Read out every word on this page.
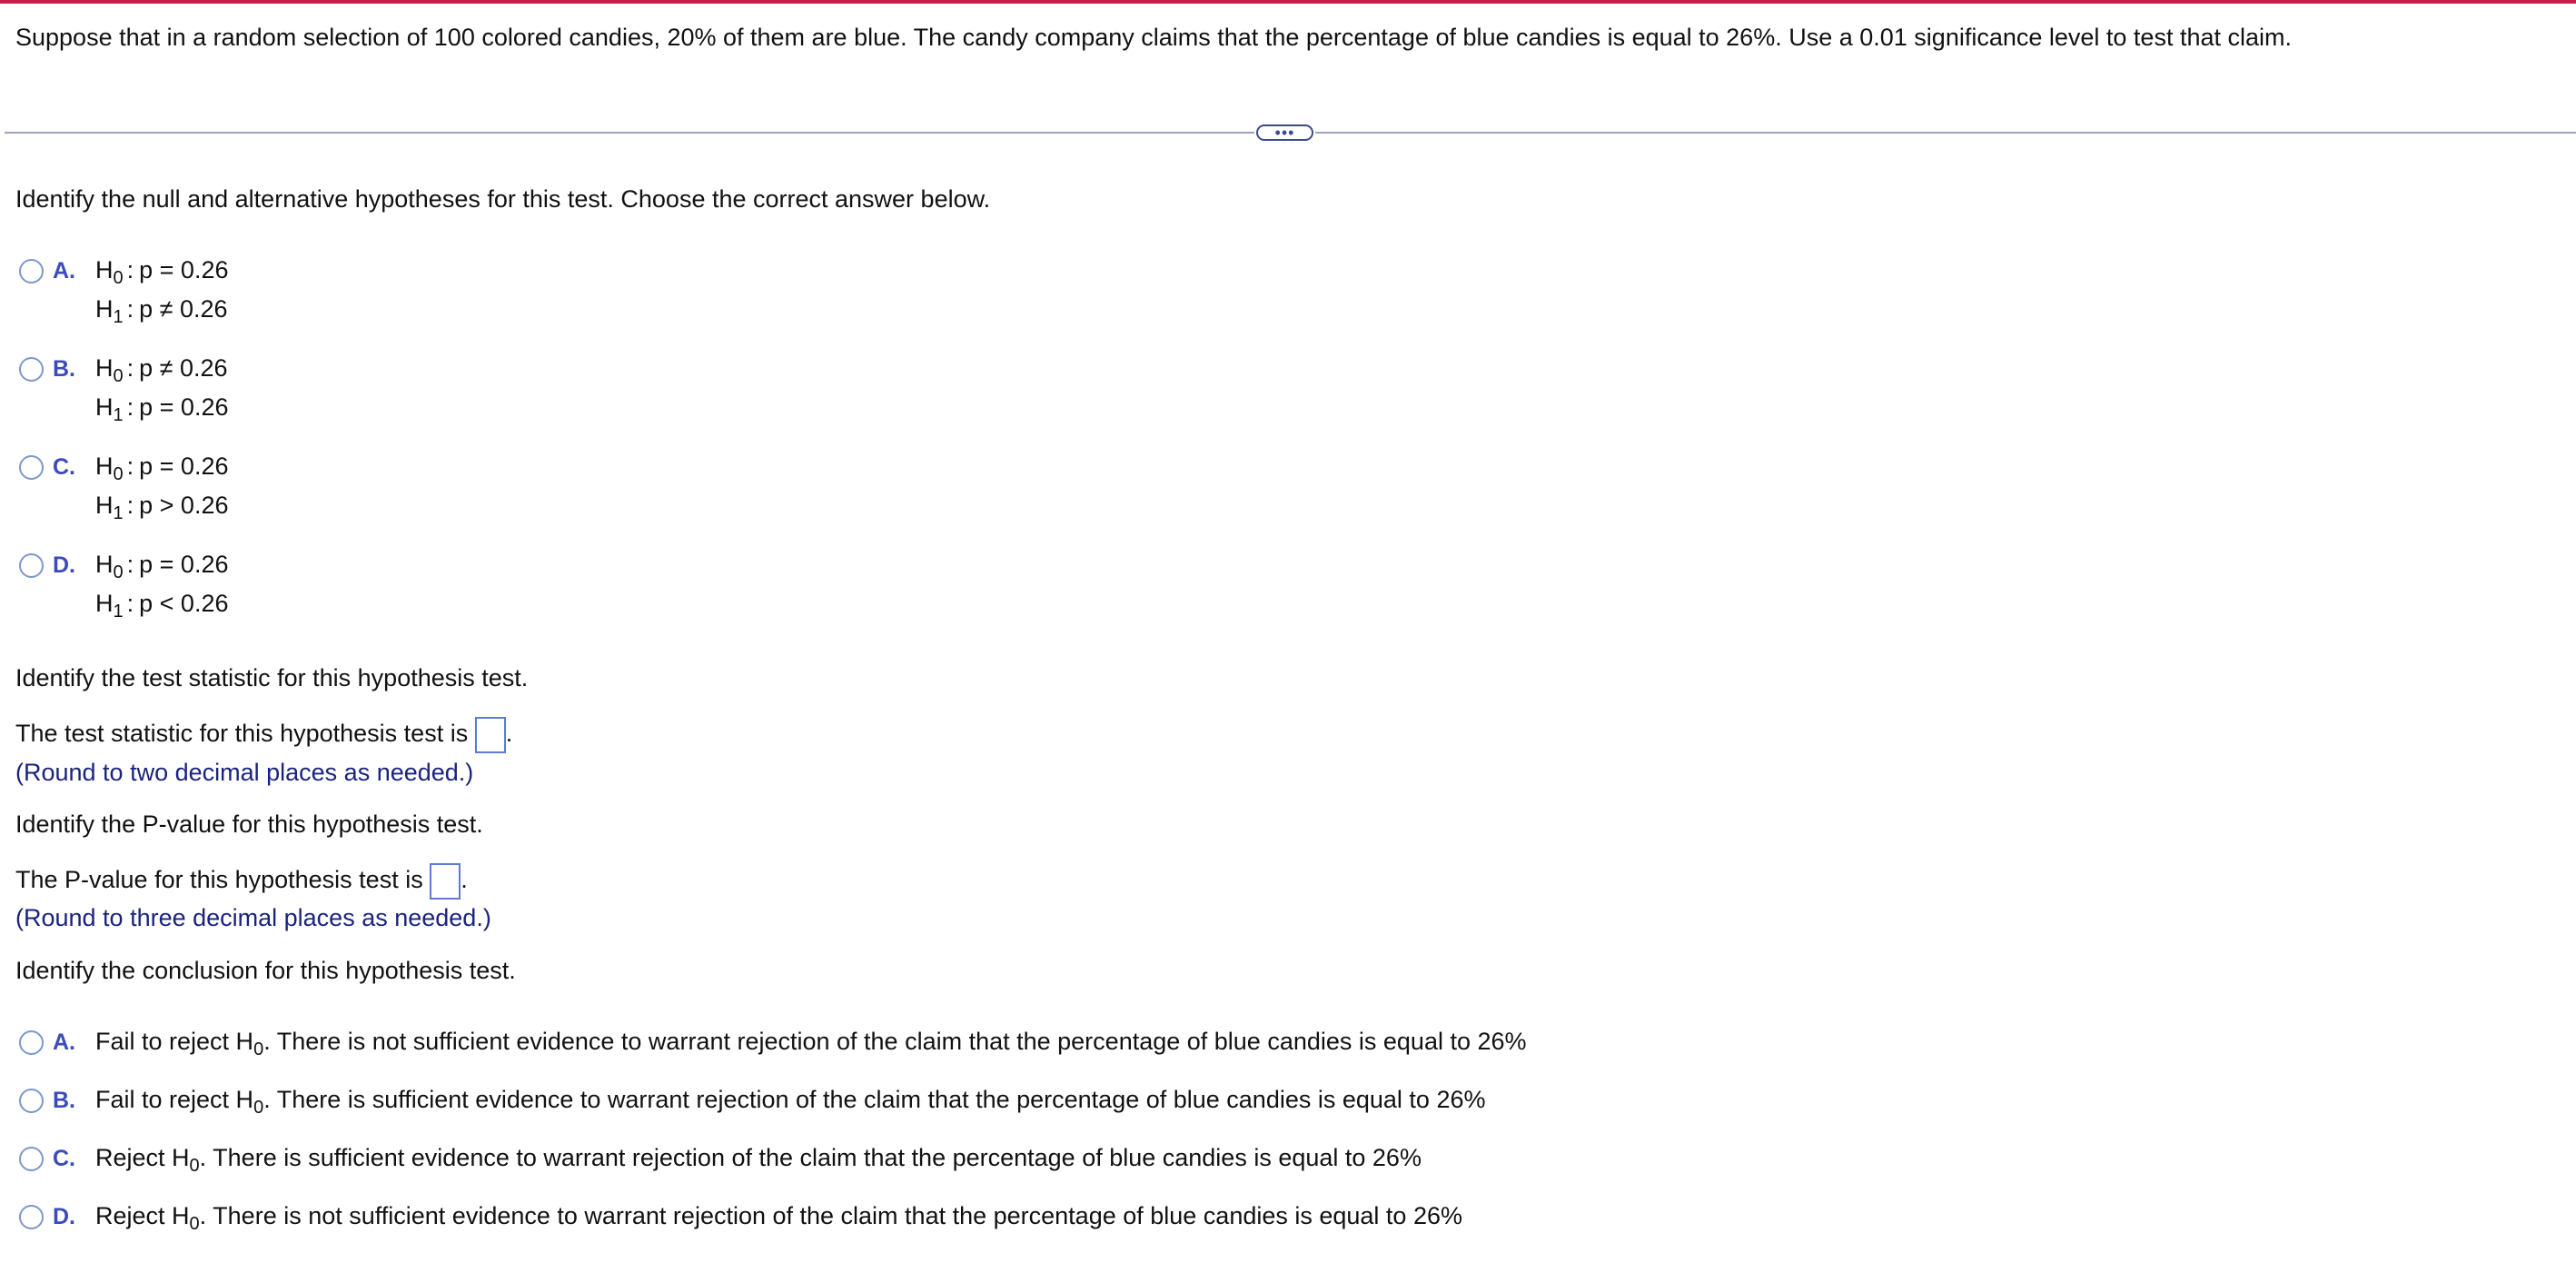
Suppose that in a random selection of 100 colored candies, 20% of them are blue. The candy company claims that the percentage of blue candies is equal to 26%. Use a 0.01 significance level to test that claim.
•••
Identify the null and alternative hypotheses for this test. Choose the correct answer below.
A. $H_0$ : p = 0.26
$H_1$ : p ≠ 0.26
B. $H_0$ : p ≠ 0.26
$H_1$ : p = 0.26
C. $H_0$ : p = 0.26
$H_1$ : p > 0.26
D. $H_0$ : p = 0.26
$H_1$ : p < 0.26
Identify the test statistic for this hypothesis test.
The test statistic for this hypothesis test is .
(Round to two decimal places as needed.)
Identify the P-value for this hypothesis test.
The P-value for this hypothesis test is .
(Round to three decimal places as needed.)
Identify the conclusion for this hypothesis test.
A. Fail to reject $H_0$. There is not sufficient evidence to warrant rejection of the claim that the percentage of blue candies is equal to 26%
B. Fail to reject $H_0$. There is sufficient evidence to warrant rejection of the claim that the percentage of blue candies is equal to 26%
C. Reject $H_0$. There is sufficient evidence to warrant rejection of the claim that the percentage of blue candies is equal to 26%
D. Reject $H_0$. There is not sufficient evidence to warrant rejection of the claim that the percentage of blue candies is equal to 26%
